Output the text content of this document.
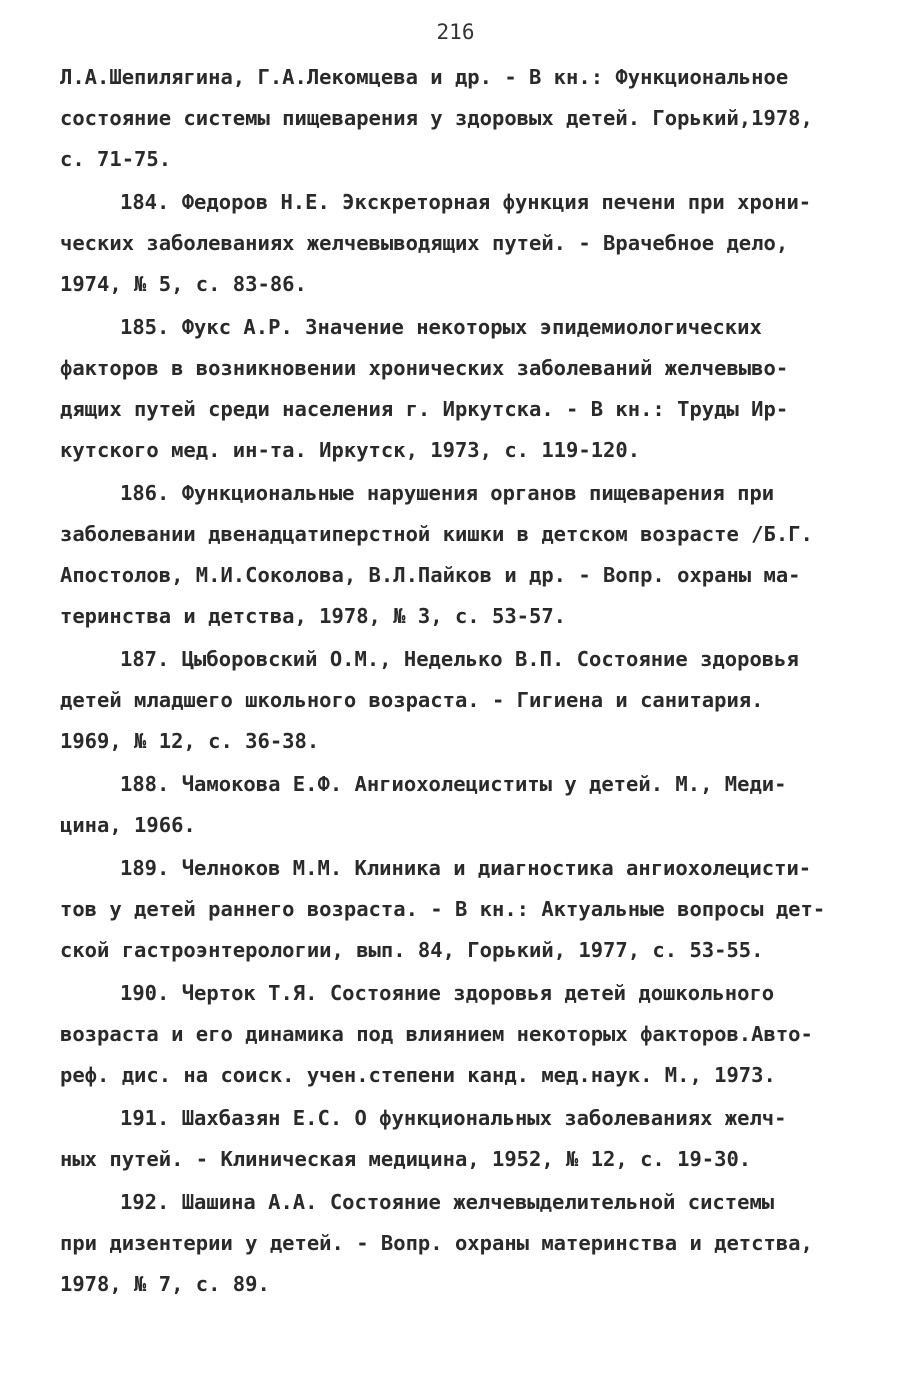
216
Л.А.Шепилягина, Г.А.Лекомцева и др. - В кн.: Функциональное
состояние системы пищеварения у здоровых детей. Горький,1978,
с. 71-75.
184. Федоров Н.Е. Экскреторная функция печени при хрони-
ческих заболеваниях желчевыводящих путей. - Врачебное дело,
1974, № 5, с. 83-86.
185. Фукс А.Р. Значение некоторых эпидемиологических
факторов в возникновении хронических заболеваний желчевыво-
дящих путей среди населения г. Иркутска. - В кн.: Труды Ир-
кутского мед. ин-та. Иркутск, 1973, с. 119-120.
186. Функциональные нарушения органов пищеварения при
заболевании двенадцатиперстной кишки в детском возрасте /Б.Г.
Апостолов, М.И.Соколова, В.Л.Пайков и др. - Вопр. охраны ма-
теринства и детства, 1978, № 3, с. 53-57.
187. Цыборовский О.М., Неделько В.П. Состояние здоровья
детей младшего школьного возраста. - Гигиена и санитария.
1969, № 12, с. 36-38.
188. Чамокова Е.Ф. Ангиохолециститы у детей. М., Меди-
цина, 1966.
189. Челноков М.М. Клиника и диагностика ангиохолецисти-
тов у детей раннего возраста. - В кн.: Актуальные вопросы дет-
ской гастроэнтерологии, вып. 84, Горький, 1977, с. 53-55.
190. Черток Т.Я. Состояние здоровья детей дошкольного
возраста и его динамика под влиянием некоторых факторов.Авто-
реф. дис. на соиск. учен.степени канд. мед.наук. М., 1973.
191. Шахбазян Е.С. О функциональных заболеваниях желч-
ных путей. - Клиническая медицина, 1952, № 12, с. 19-30.
192. Шашина А.А. Состояние желчевыделительной системы
при дизентерии у детей. - Вопр. охраны материнства и детства,
1978, № 7, с. 89.
